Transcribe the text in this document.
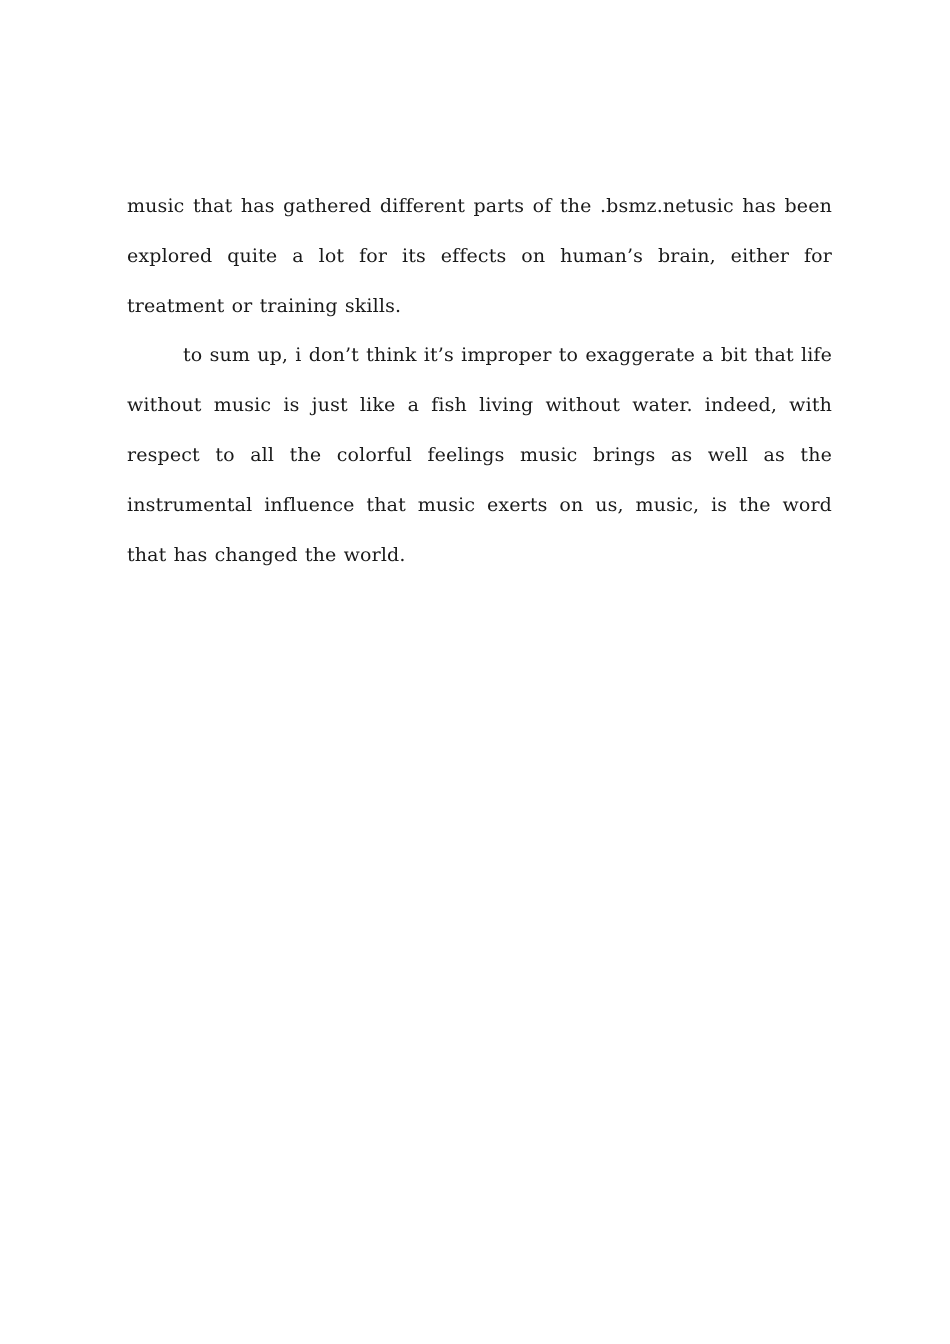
music that has gathered different parts of the .bsmz.netusic has been explored quite a lot for its effects on human’s brain, either for treatment or training skills.

to sum up, i don’t think it’s improper to exaggerate a bit that life without music is just like a fish living without water. indeed, with respect to all the colorful feelings music brings as well as the instrumental influence that music exerts on us, music, is the word that has changed the world.
